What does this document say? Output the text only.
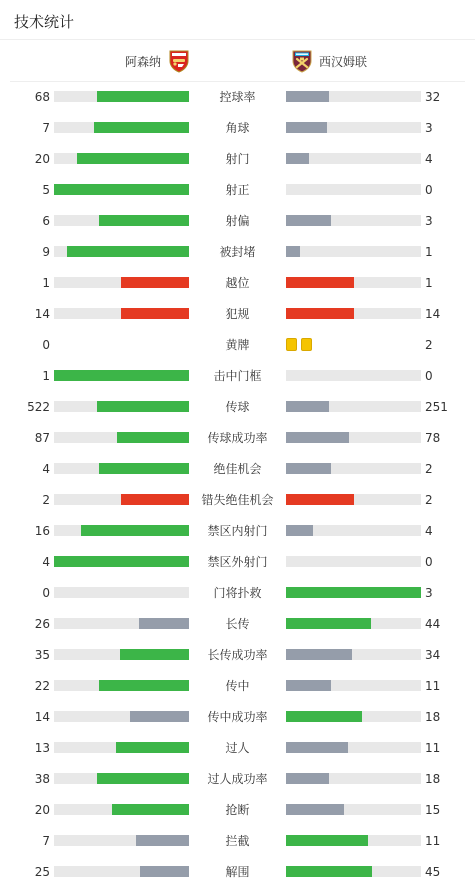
技术统计
阿森纳	西汉姆联
68	控球率	32
7	角球	3
20	射门	4
5	射正	0
6	射偏	3
9	被封堵	1
1	越位	1
14	犯规	14
0	黄牌	2
1	击中门框	0
522	传球	251
87	传球成功率	78
4	绝佳机会	2
2	错失绝佳机会	2
16	禁区内射门	4
4	禁区外射门	0
0	门将扑救	3
26	长传	44
35	长传成功率	34
22	传中	11
14	传中成功率	18
13	过人	11
38	过人成功率	18
20	抢断	15
7	拦截	11
25	解围	45
